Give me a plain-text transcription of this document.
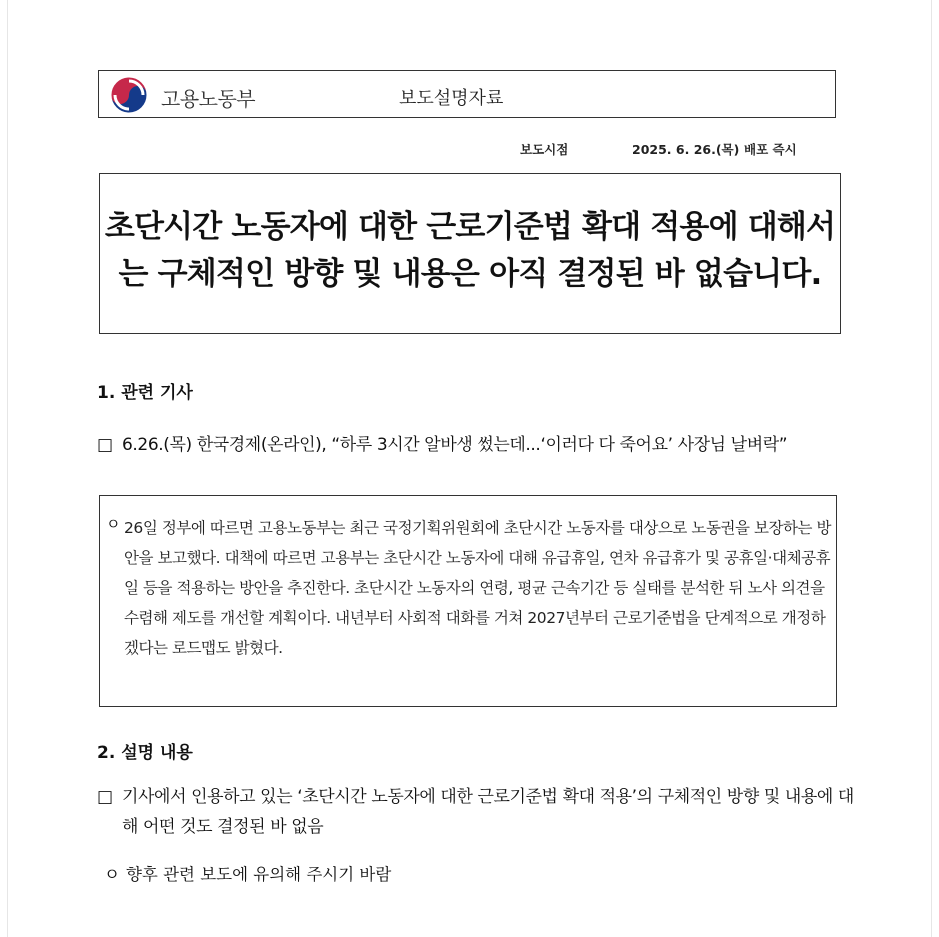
고용노동부	보도설명자료
보도시점	2025. 6. 26.(목) 배포 즉시
초단시간 노동자에 대한 근로기준법 확대 적용에 대해서는 구체적인 방향 및 내용은 아직 결정된 바 없습니다.
1. 관련 기사
□ 6.26.(목) 한국경제(온라인), “하루 3시간 알바생 썼는데...‘이러다 다 죽어요’ 사장님 날벼락”
ㅇ 26일 정부에 따르면 고용노동부는 최근 국정기획위원회에 초단시간 노동자를 대상으로 노동권을 보장하는 방안을 보고했다. 대책에 따르면 고용부는 초단시간 노동자에 대해 유급휴일, 연차 유급휴가 및 공휴일·대체공휴일 등을 적용하는 방안을 추진한다. 초단시간 노동자의 연령, 평균 근속기간 등 실태를 분석한 뒤 노사 의견을 수렴해 제도를 개선할 계획이다. 내년부터 사회적 대화를 거쳐 2027년부터 근로기준법을 단계적으로 개정하겠다는 로드맵도 밝혔다.
2. 설명 내용
□ 기사에서 인용하고 있는 ‘초단시간 노동자에 대한 근로기준법 확대 적용’의 구체적인 방향 및 내용에 대해 어떤 것도 결정된 바 없음
ㅇ 향후 관련 보도에 유의해 주시기 바람
